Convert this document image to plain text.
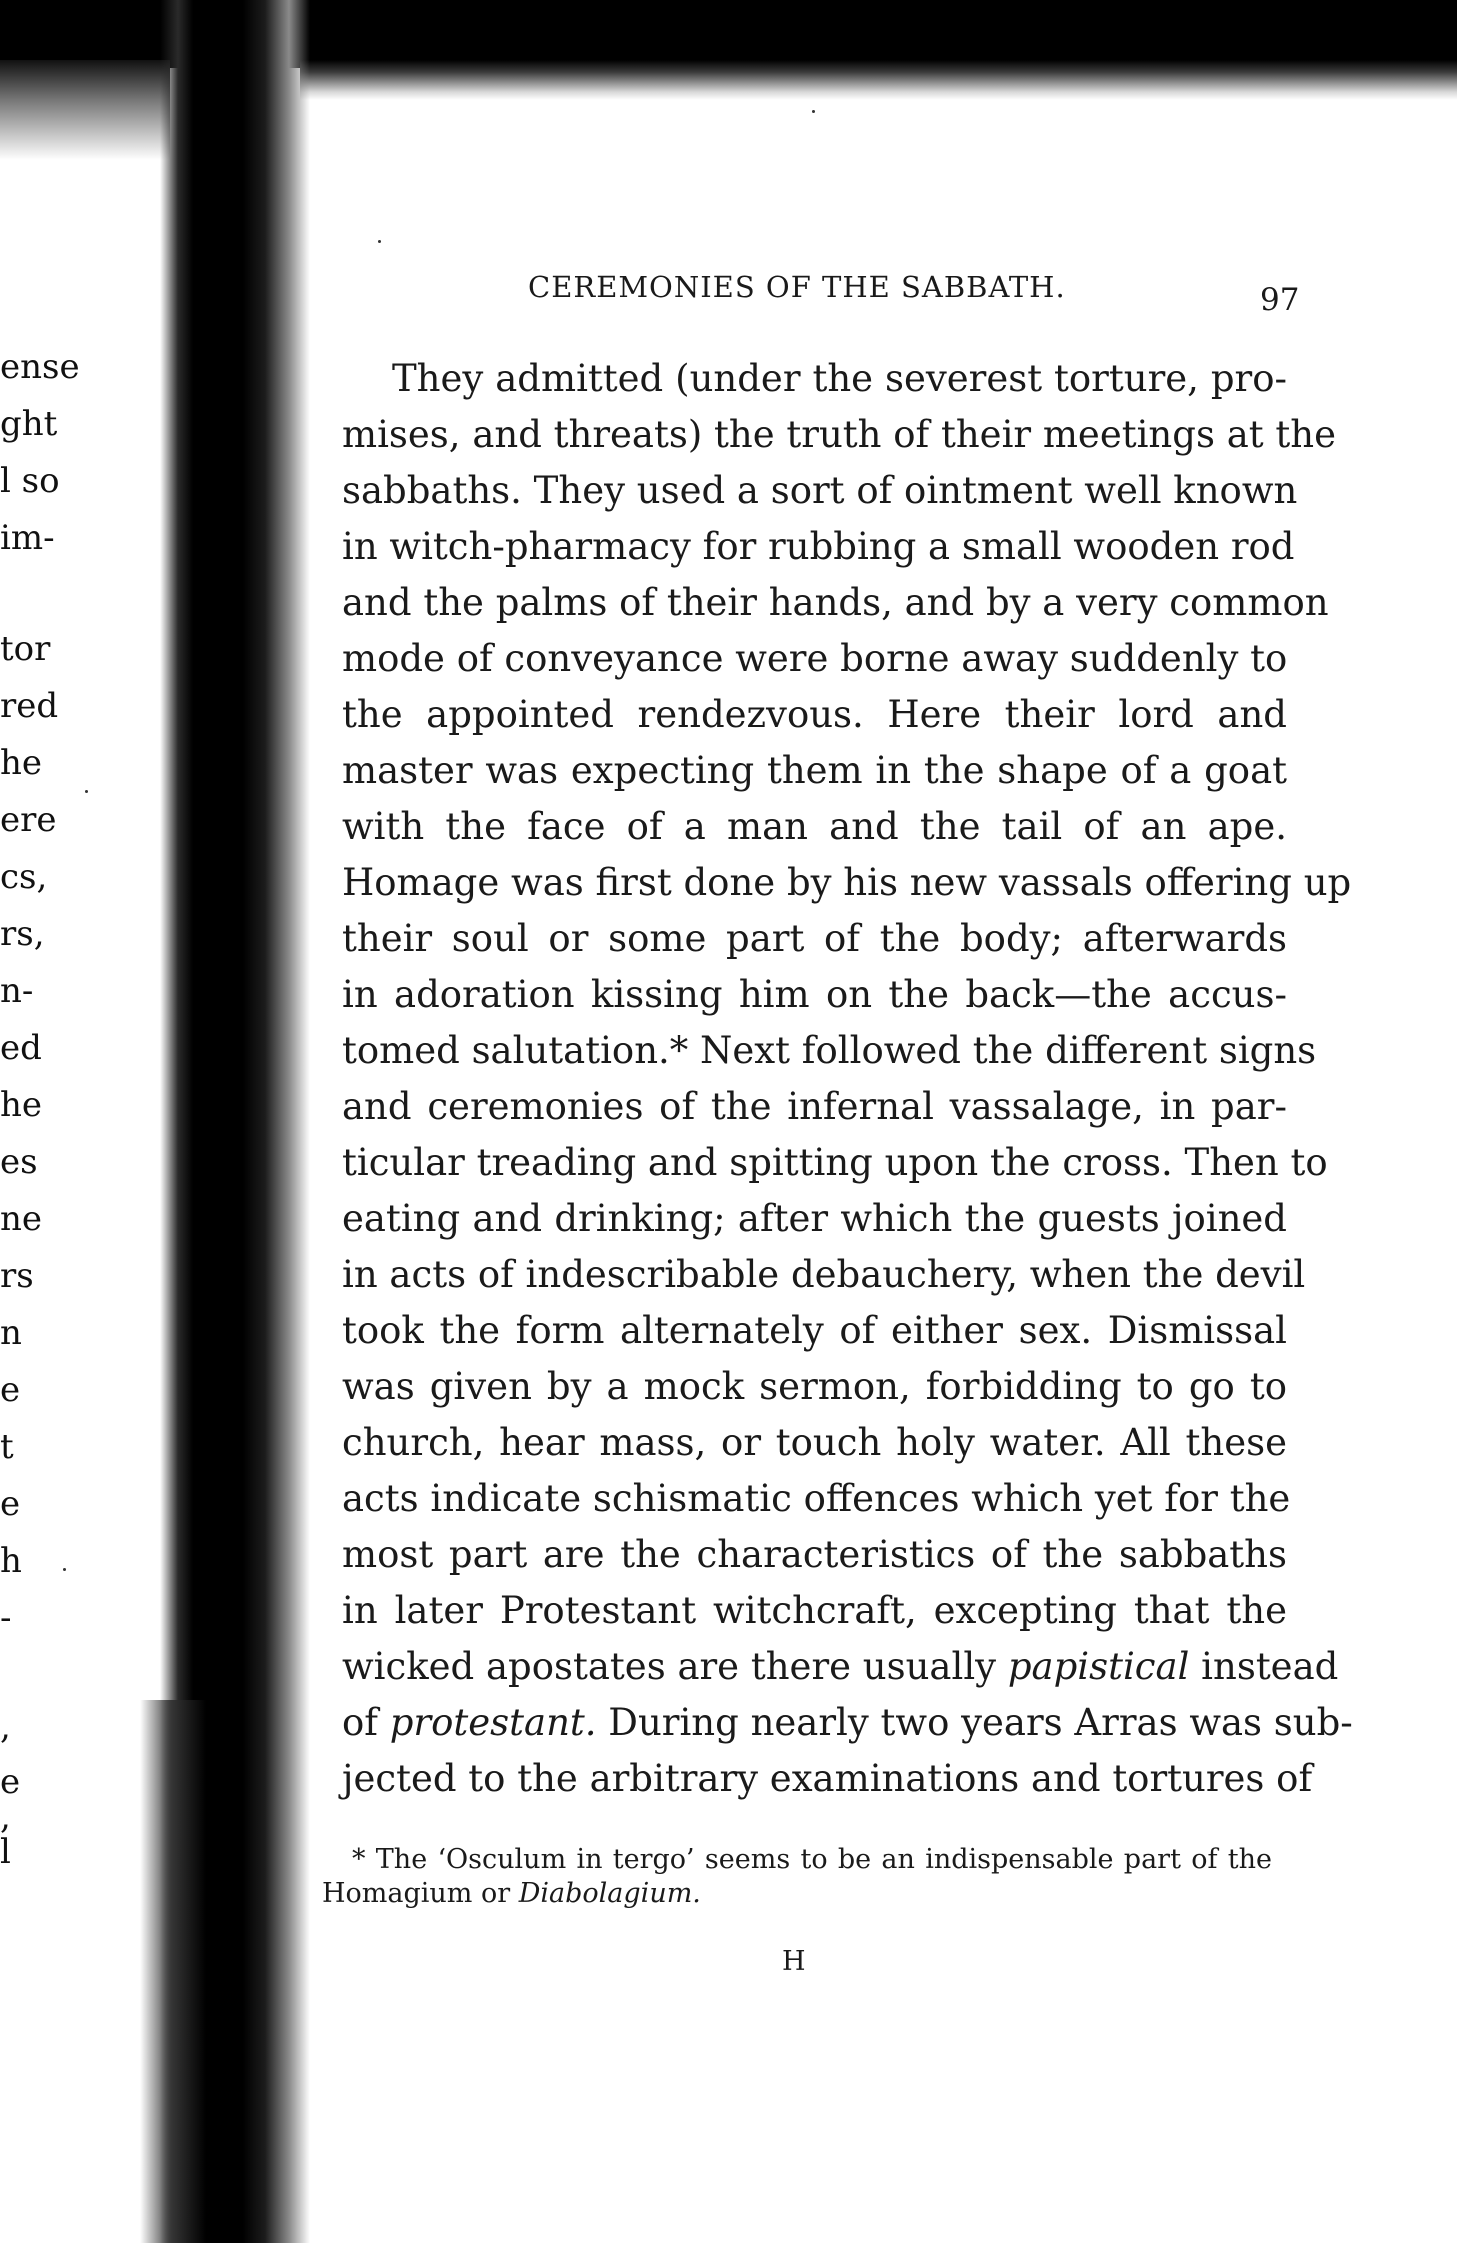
ense
ght
l so
im-
tor
red
he
ere
cs,
rs,
n-
ed
he
es
ne
rs
n
e
t
e
h
-
,
e
,
l
CEREMONIES OF THE SABBATH.	97
They admitted (under the severest torture, pro-
mises, and threats) the truth of their meetings at the
sabbaths. They used a sort of ointment well known
in witch-pharmacy for rubbing a small wooden rod
and the palms of their hands, and by a very common
mode of conveyance were borne away suddenly to
the appointed rendezvous. Here their lord and
master was expecting them in the shape of a goat
with the face of a man and the tail of an ape.
Homage was first done by his new vassals offering up
their soul or some part of the body; afterwards
in adoration kissing him on the back—the accus-
tomed salutation.* Next followed the different signs
and ceremonies of the infernal vassalage, in par-
ticular treading and spitting upon the cross. Then to
eating and drinking; after which the guests joined
in acts of indescribable debauchery, when the devil
took the form alternately of either sex. Dismissal
was given by a mock sermon, forbidding to go to
church, hear mass, or touch holy water. All these
acts indicate schismatic offences which yet for the
most part are the characteristics of the sabbaths
in later Protestant witchcraft, excepting that the
wicked apostates are there usually papistical instead
of protestant. During nearly two years Arras was sub-
jected to the arbitrary examinations and tortures of
* The ‘Osculum in tergo’ seems to be an indispensable part of the
Homagium or Diabolagium.
H
